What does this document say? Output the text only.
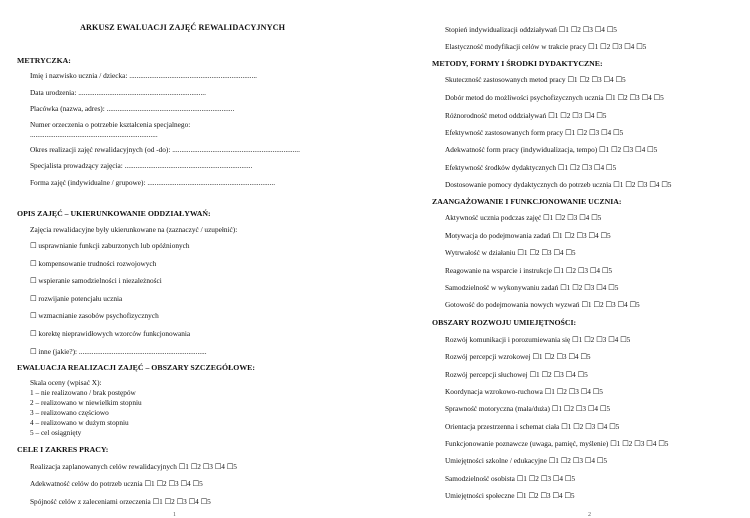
ARKUSZ EWALUACJI ZAJĘĆ REWALIDACYJNYCH
METRYCZKA:
Imię i nazwisko ucznia / dziecka: ......................................................................
Data urodzenia: ......................................................................
Placówka (nazwa, adres): ......................................................................
Numer orzeczenia o potrzebie kształcenia specjalnego:
......................................................................
Okres realizacji zajęć rewalidacyjnych (od -do): ......................................................................
Specjalista prowadzący zajęcia: ......................................................................
Forma zajęć (indywidualne / grupowe): ......................................................................
OPIS ZAJĘĆ – UKIERUNKOWANIE ODDZIAŁYWAŃ:
Zajęcia rewalidacyjne były ukierunkowane na (zaznaczyć / uzupełnić):
☐ usprawnianie funkcji zaburzonych lub opóźnionych
☐ kompensowanie trudności rozwojowych
☐ wspieranie samodzielności i niezależności
☐ rozwijanie potencjału ucznia
☐ wzmacnianie zasobów psychofizycznych
☐ korektę nieprawidłowych wzorców funkcjonowania
☐ inne (jakie?): ......................................................................
EWALUACJA REALIZACJI ZAJĘĆ – OBSZARY SZCZEGÓŁOWE:
Skala oceny (wpisać X):
1 – nie realizowano / brak postępów
2 – realizowano w niewielkim stopniu
3 – realizowano częściowo
4 – realizowano w dużym stopniu
5 – cel osiągnięty
CELE I ZAKRES PRACY:
Realizacja zaplanowanych celów rewalidacyjnych ☐1 ☐2 ☐3 ☐4 ☐5
Adekwatność celów do potrzeb ucznia ☐1 ☐2 ☐3 ☐4 ☐5
Spójność celów z zaleceniami orzeczenia ☐1 ☐2 ☐3 ☐4 ☐5
1
Stopień indywidualizacji oddziaływań ☐1 ☐2 ☐3 ☐4 ☐5
Elastyczność modyfikacji celów w trakcie pracy ☐1 ☐2 ☐3 ☐4 ☐5
METODY, FORMY I ŚRODKI DYDAKTYCZNE:
Skuteczność zastosowanych metod pracy ☐1 ☐2 ☐3 ☐4 ☐5
Dobór metod do możliwości psychofizycznych ucznia ☐1 ☐2 ☐3 ☐4 ☐5
Różnorodność metod oddziaływań ☐1 ☐2 ☐3 ☐4 ☐5
Efektywność zastosowanych form pracy ☐1 ☐2 ☐3 ☐4 ☐5
Adekwatność form pracy (indywidualizacja, tempo) ☐1 ☐2 ☐3 ☐4 ☐5
Efektywność środków dydaktycznych ☐1 ☐2 ☐3 ☐4 ☐5
Dostosowanie pomocy dydaktycznych do potrzeb ucznia ☐1 ☐2 ☐3 ☐4 ☐5
ZAANGAŻOWANIE I FUNKCJONOWANIE UCZNIA:
Aktywność ucznia podczas zajęć ☐1 ☐2 ☐3 ☐4 ☐5
Motywacja do podejmowania zadań ☐1 ☐2 ☐3 ☐4 ☐5
Wytrwałość w działaniu ☐1 ☐2 ☐3 ☐4 ☐5
Reagowanie na wsparcie i instrukcje ☐1 ☐2 ☐3 ☐4 ☐5
Samodzielność w wykonywaniu zadań ☐1 ☐2 ☐3 ☐4 ☐5
Gotowość do podejmowania nowych wyzwań ☐1 ☐2 ☐3 ☐4 ☐5
OBSZARY ROZWOJU UMIEJĘTNOŚCI:
Rozwój komunikacji i porozumiewania się ☐1 ☐2 ☐3 ☐4 ☐5
Rozwój percepcji wzrokowej ☐1 ☐2 ☐3 ☐4 ☐5
Rozwój percepcji słuchowej ☐1 ☐2 ☐3 ☐4 ☐5
Koordynacja wzrokowo-ruchowa ☐1 ☐2 ☐3 ☐4 ☐5
Sprawność motoryczna (mała/duża) ☐1 ☐2 ☐3 ☐4 ☐5
Orientacja przestrzenna i schemat ciała ☐1 ☐2 ☐3 ☐4 ☐5
Funkcjonowanie poznawcze (uwaga, pamięć, myślenie) ☐1 ☐2 ☐3 ☐4 ☐5
Umiejętności szkolne / edukacyjne ☐1 ☐2 ☐3 ☐4 ☐5
Samodzielność osobista ☐1 ☐2 ☐3 ☐4 ☐5
Umiejętności społeczne ☐1 ☐2 ☐3 ☐4 ☐5
2
